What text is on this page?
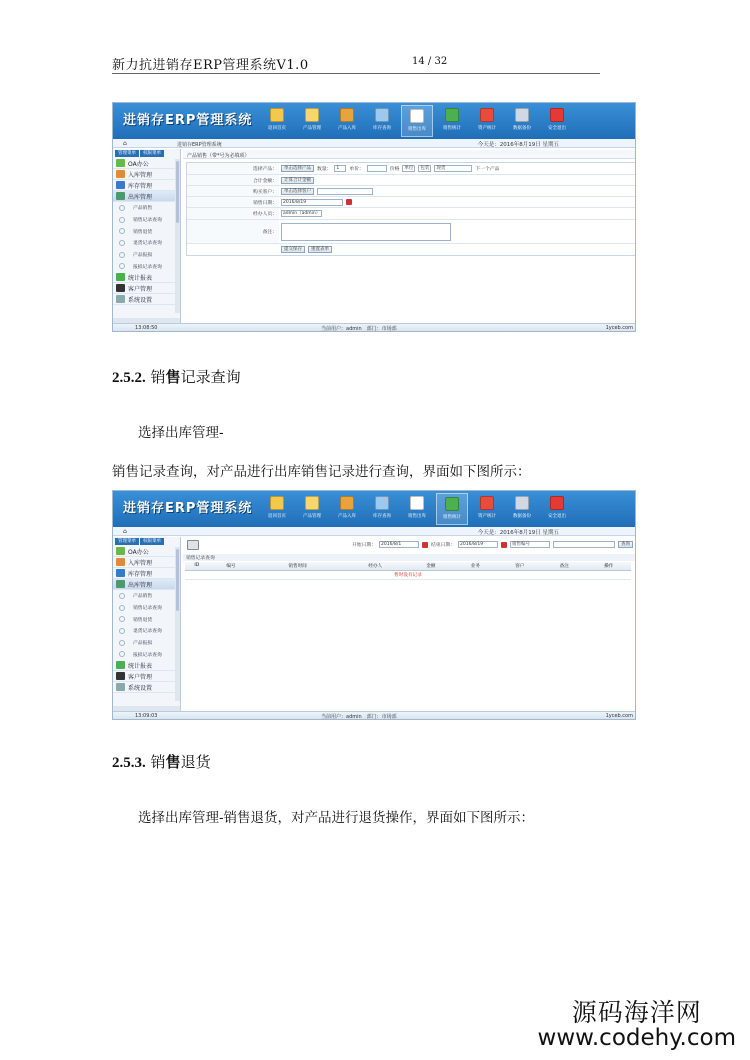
新力抗进销存ERP管理系统V1.0	14 / 32
进销存ERP管理系统
返回首页	产品管理	产品入库	库存查询	销售出库	销售统计	资产统计	数据备份	安全退出
⌂	进销存ERP管理系统	今天是：2016年8月19日 星期五
管理菜单	权限菜单
OA办公
入库管理
库存管理
出库管理
产品销售
销售记录查询
销售退货
退货记录查询
产品报损
报损记录查询
统计报表
客户管理
系统设置
产品销售（带*号为必填项）
选择产品：	单击选择产品	数量：	1	单价：	价格	单位	包装	现货	下一个产品
合计金额：	计算合计金额
购买客户：	单击选择客户
销售日期：	2016/8/19
经办人员：	admin（admin）
备注：
提交保存	重置表单
13:08:50	当前用户：admin　部门：市场部	1yceb.com
2.5.2. 销售记录查询
选择出库管理-
销售记录查询，对产品进行出库销售记录进行查询，界面如下图所示：
进销存ERP管理系统
返回首页	产品管理	产品入库	库存查询	销售出库	销售统计	资产统计	数据备份	安全退出
⌂	今天是：2016年8月19日 星期五
管理菜单	权限菜单
OA办公
入库管理
库存管理
出库管理
产品销售
销售记录查询
销售退货
退货记录查询
产品报损
报损记录查询
统计报表
客户管理
系统设置
开始日期：	2016/8/1	结束日期：	2016/8/19	销售编号	查询
销售记录查询
ID	编号	销售时间	经办人	金额	业务	客户	备注	操作
暂时没有记录
13:09:03	当前用户：admin　部门：市场部	1yceb.com
2.5.3. 销售退货
选择出库管理-销售退货，对产品进行退货操作，界面如下图所示：
源码海洋网
www.codehy.com
